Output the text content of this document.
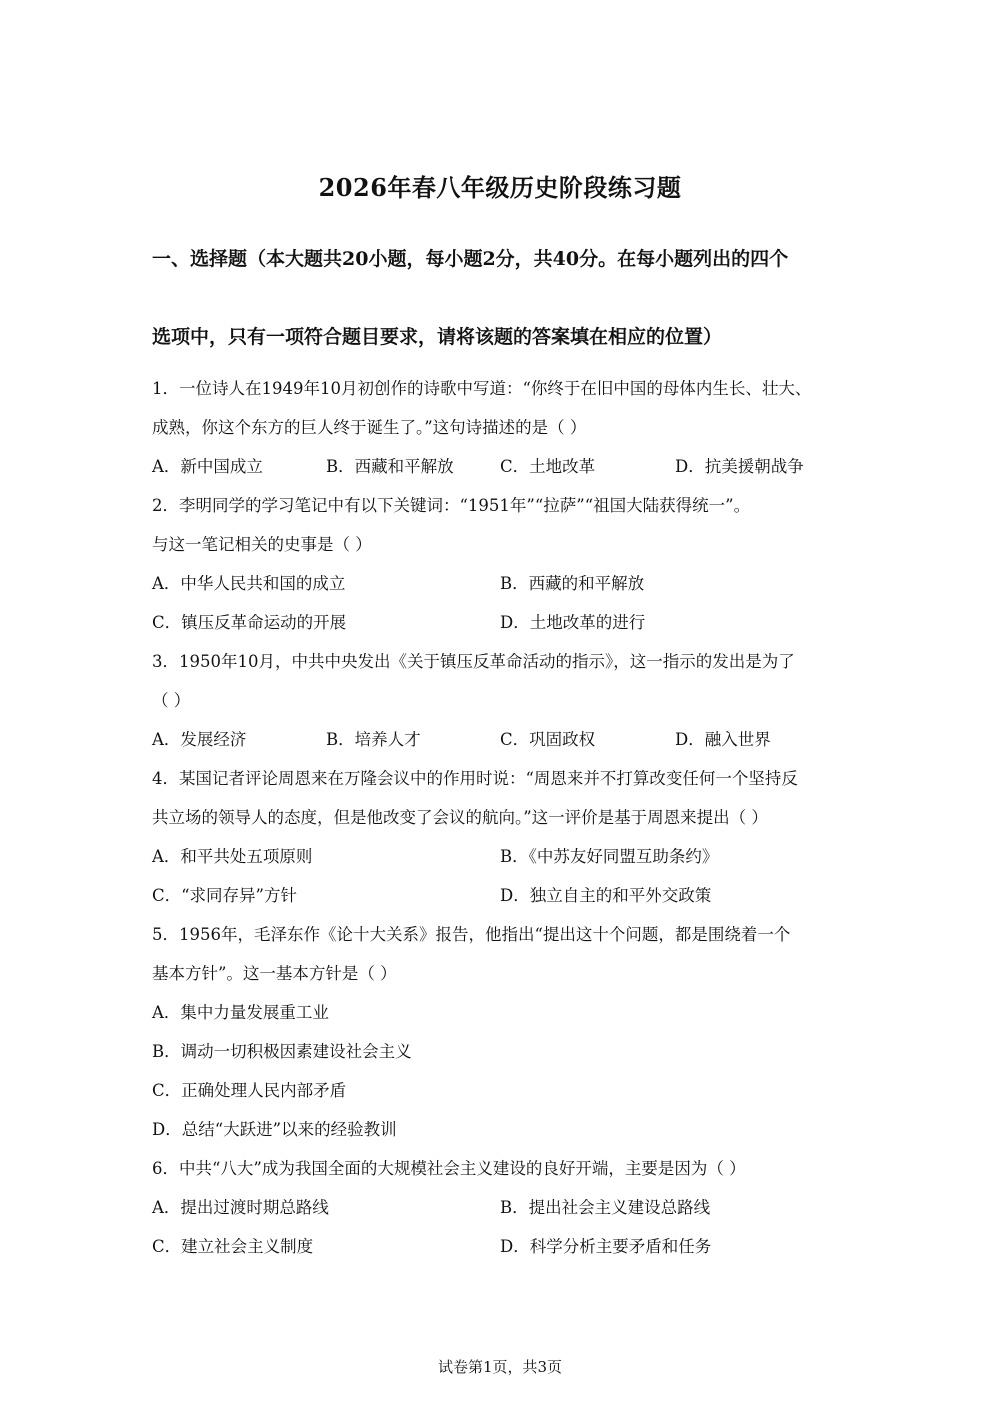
2026年春八年级历史阶段练习题
一、选择题（本大题共20小题，每小题2分，共40分。在每小题列出的四个
选项中，只有一项符合题目要求，请将该题的答案填在相应的位置）
1．一位诗人在1949年10月初创作的诗歌中写道：“你终于在旧中国的母体内生长、壮大、
成熟，你这个东方的巨人终于诞生了。”这句诗描述的是（ ）
A．新中国成立	B．西藏和平解放	C．土地改革	D．抗美援朝战争
2．李明同学的学习笔记中有以下关键词：“1951年”“拉萨”“祖国大陆获得统一”。
与这一笔记相关的史事是（ ）
A．中华人民共和国的成立	B．西藏的和平解放
C．镇压反革命运动的开展	D．土地改革的进行
3．1950年10月，中共中央发出《关于镇压反革命活动的指示》，这一指示的发出是为了
（ ）
A．发展经济	B．培养人才	C．巩固政权	D．融入世界
4．某国记者评论周恩来在万隆会议中的作用时说：“周恩来并不打算改变任何一个坚持反
共立场的领导人的态度，但是他改变了会议的航向。”这一评价是基于周恩来提出（ ）
A．和平共处五项原则	B．《中苏友好同盟互助条约》
C．“求同存异”方针	D．独立自主的和平外交政策
5．1956年，毛泽东作《论十大关系》报告，他指出“提出这十个问题，都是围绕着一个
基本方针”。这一基本方针是（ ）
A．集中力量发展重工业
B．调动一切积极因素建设社会主义
C．正确处理人民内部矛盾
D．总结“大跃进”以来的经验教训
6．中共“八大”成为我国全面的大规模社会主义建设的良好开端，主要是因为（ ）
A．提出过渡时期总路线	B．提出社会主义建设总路线
C．建立社会主义制度	D．科学分析主要矛盾和任务
试卷第1页，共3页
